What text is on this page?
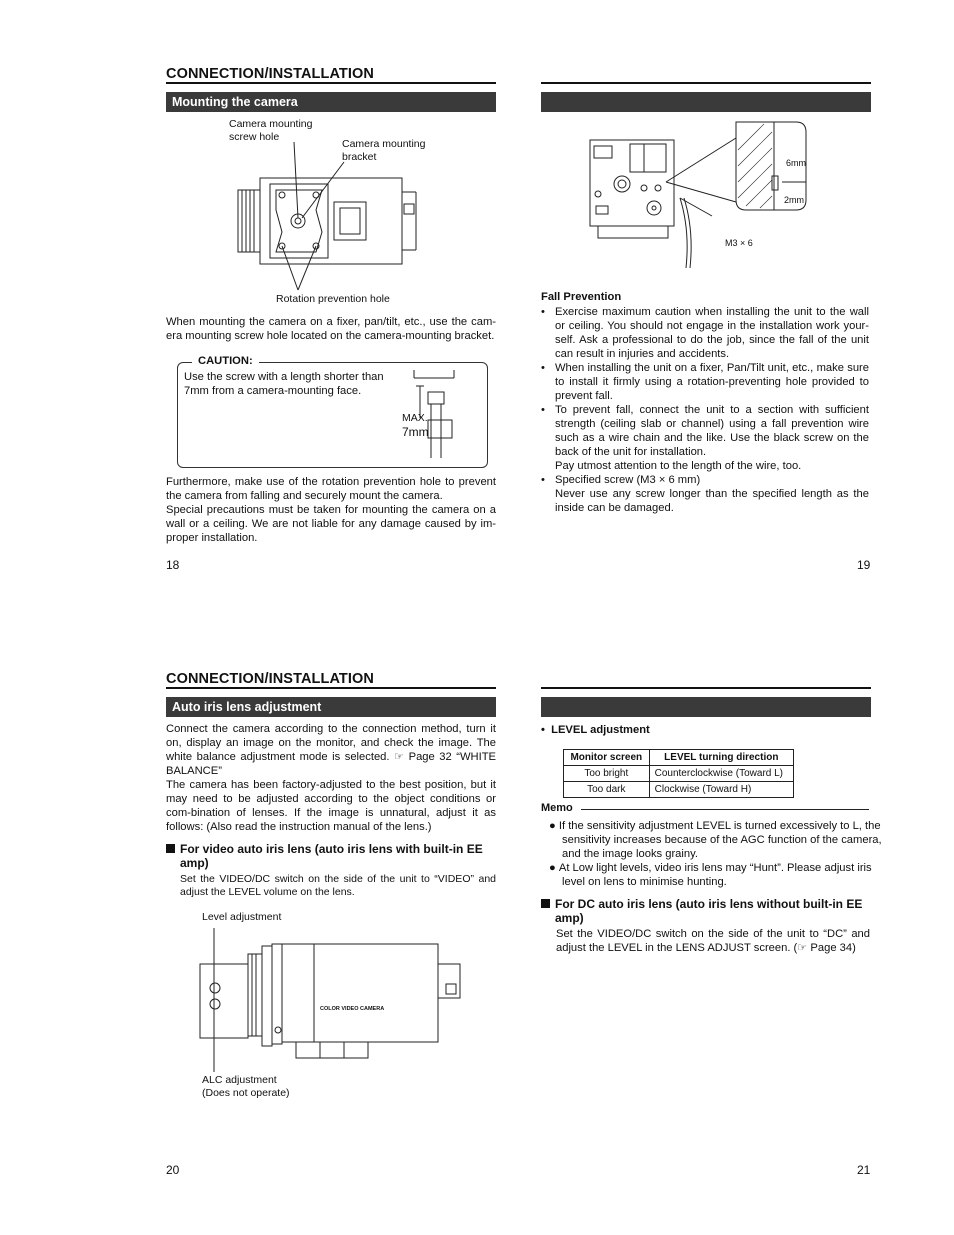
CONNECTION/INSTALLATION
Mounting the camera
Camera mounting
screw hole
Camera mounting
bracket
Rotation prevention hole
When mounting the camera on a fixer, pan/tilt, etc., use the cam-era mounting screw hole located on the camera-mounting bracket.
CAUTION:
Use the screw with a length shorter than 7mm from a camera-mounting face.
MAX.
7mm
Furthermore, make use of the rotation prevention hole to prevent the camera from falling and securely mount the camera.
Special precautions must be taken for mounting the camera on a wall or a ceiling. We are not liable for any damage caused by im-proper installation.
18	19
6mm
2mm
M3 × 6
Fall Prevention
• Exercise maximum caution when installing the unit to the wall or ceiling. You should not engage in the installation work your-self. Ask a professional to do the job, since the fall of the unit can result in injuries and accidents.
• When installing the unit on a fixer, Pan/Tilt unit, etc., make sure to install it firmly using a rotation-preventing hole provided to prevent fall.
• To prevent fall, connect the unit to a section with sufficient strength (ceiling slab or channel) using a fall prevention wire such as a wire chain and the like. Use the black screw on the back of the unit for installation.
Pay utmost attention to the length of the wire, too.
• Specified screw (M3 × 6 mm)
Never use any screw longer than the specified length as the inside can be damaged.
CONNECTION/INSTALLATION
Auto iris lens adjustment
Connect the camera according to the connection method, turn it on, display an image on the monitor, and check the image. The white balance adjustment mode is selected. ☞ Page 32 “WHITE BALANCE”
The camera has been factory-adjusted to the best position, but it may need to be adjusted according to the object conditions or com-bination of lenses. If the image is unnatural, adjust it as follows: (Also read the instruction manual of the lens.)
For video auto iris lens (auto iris lens with built-in EE amp)
Set the VIDEO/DC switch on the side of the unit to “VIDEO” and adjust the LEVEL volume on the lens.
Level adjustment
COLOR VIDEO CAMERA
ALC adjustment
(Does not operate)
•  LEVEL adjustment
Monitor screen	LEVEL turning direction
Too bright	Counterclockwise (Toward L)
Too dark	Clockwise (Toward H)
Memo
● If the sensitivity adjustment LEVEL is turned excessively to L, the sensitivity increases because of the AGC function of the camera, and the image looks grainy.
● At Low light levels, video iris lens may “Hunt”. Please adjust iris level on lens to minimise hunting.
For DC auto iris lens (auto iris lens without built-in EE amp)
Set the VIDEO/DC switch on the side of the unit to “DC” and adjust the LEVEL in the LENS ADJUST screen. (☞ Page 34)
20	21
